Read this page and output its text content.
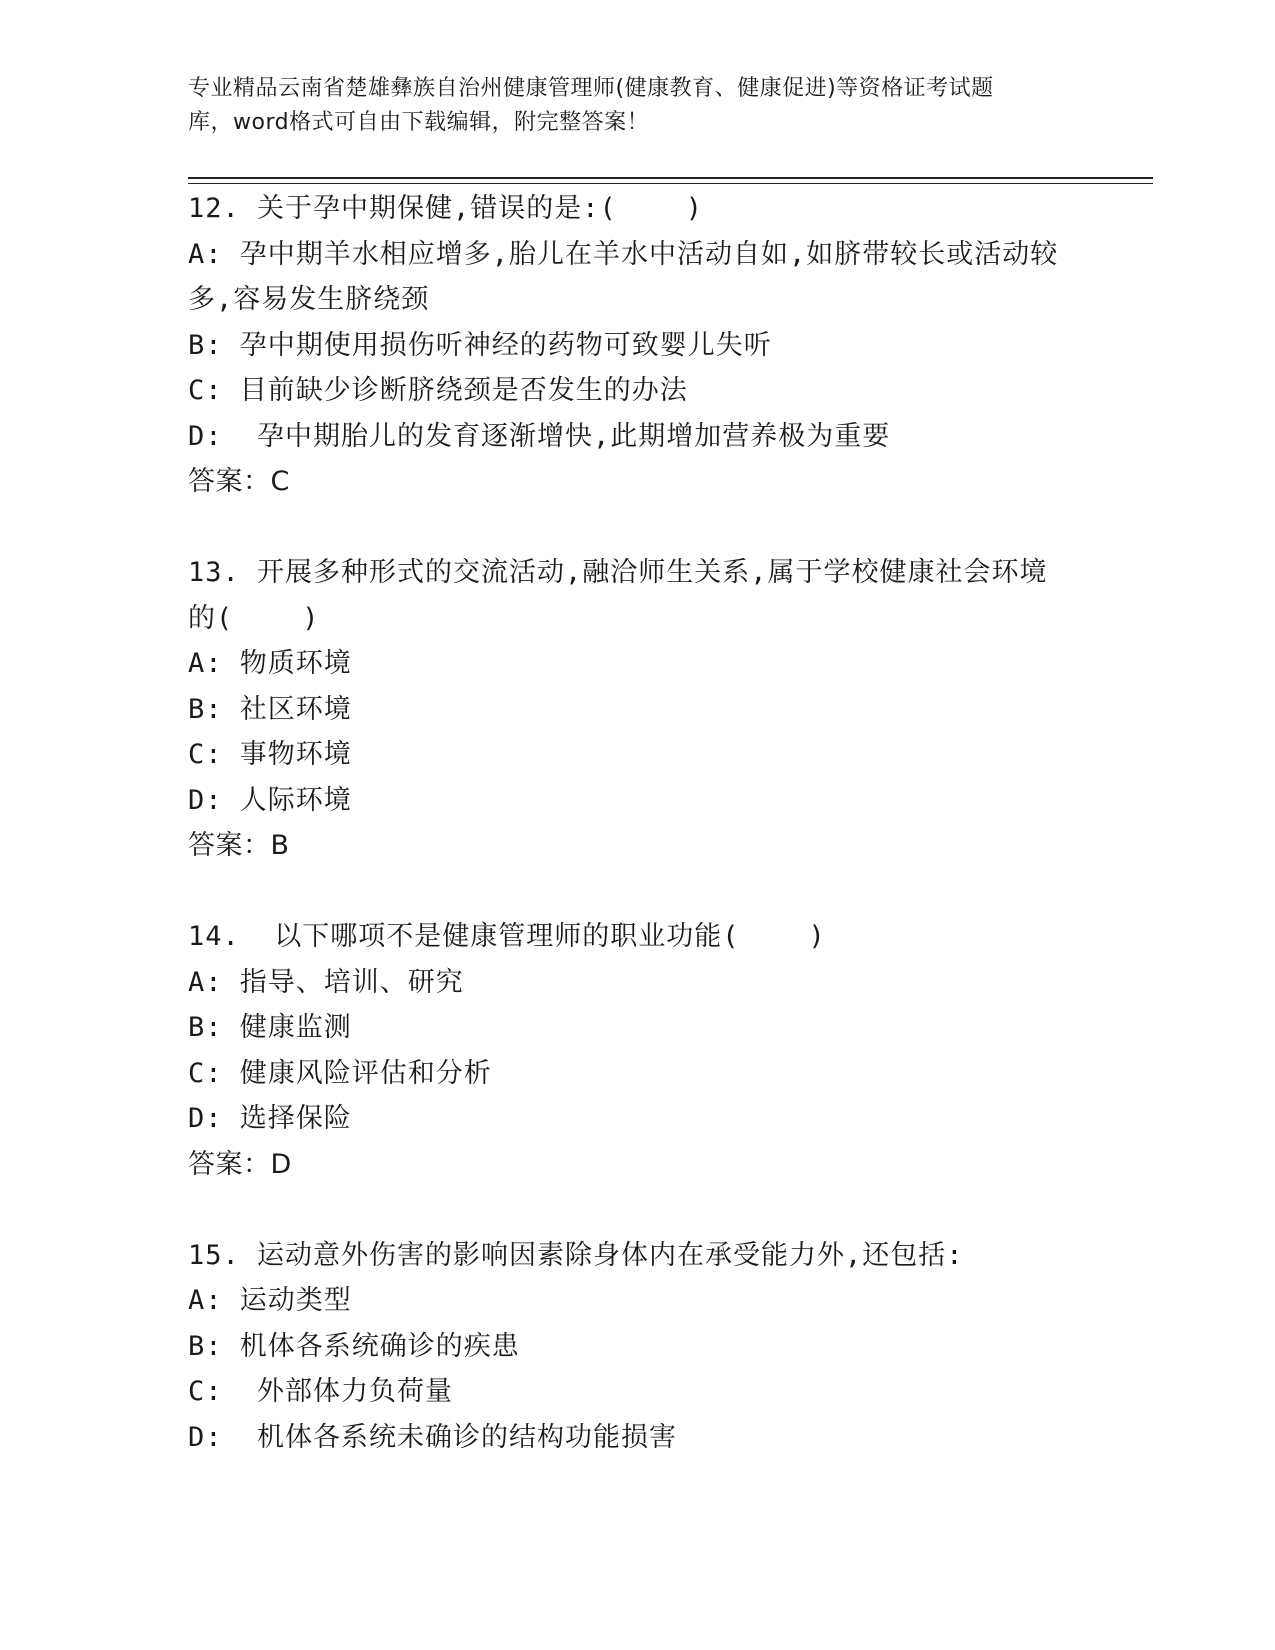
专业精品云南省楚雄彝族自治州健康管理师(健康教育、健康促进)等资格证考试题
库，word格式可自由下载编辑，附完整答案！
12. 关于孕中期保健,错误的是:(    )
A: 孕中期羊水相应增多,胎儿在羊水中活动自如,如脐带较长或活动较
多,容易发生脐绕颈
B: 孕中期使用损伤听神经的药物可致婴儿失听
C: 目前缺少诊断脐绕颈是否发生的办法
D:  孕中期胎儿的发育逐渐增快,此期增加营养极为重要
答案：C
13. 开展多种形式的交流活动,融洽师生关系,属于学校健康社会环境
的(    )
A: 物质环境
B: 社区环境
C: 事物环境
D: 人际环境
答案：B
14.  以下哪项不是健康管理师的职业功能(    )
A: 指导、培训、研究
B: 健康监测
C: 健康风险评估和分析
D: 选择保险
答案：D
15. 运动意外伤害的影响因素除身体内在承受能力外,还包括:
A: 运动类型
B: 机体各系统确诊的疾患
C:  外部体力负荷量
D:  机体各系统未确诊的结构功能损害
